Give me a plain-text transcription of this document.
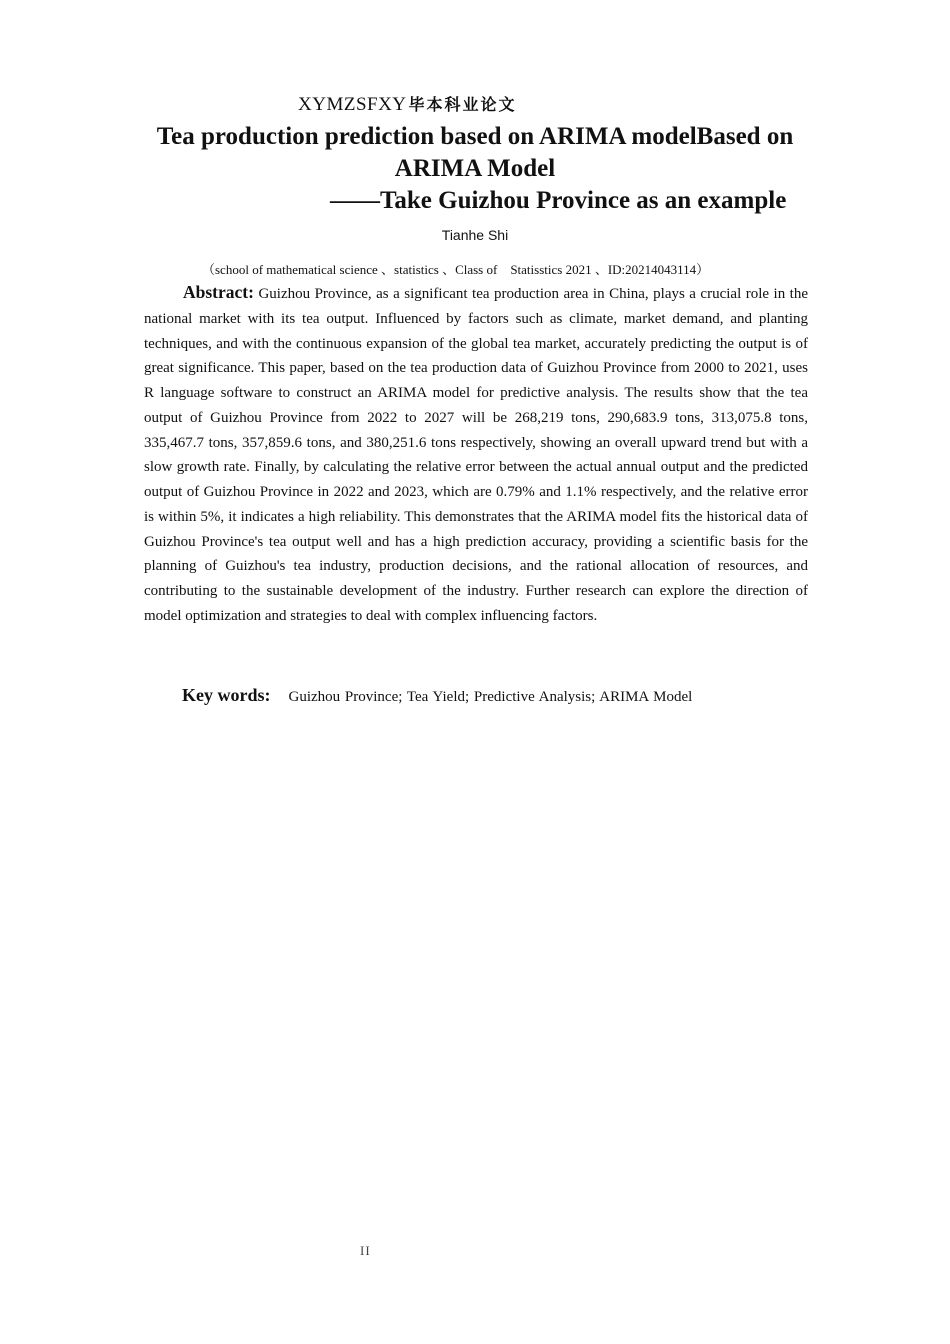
XYMZSFXY 毕本科业论文
Tea production prediction based on ARIMA modelBased on ARIMA Model
——Take Guizhou Province as an example
Tianhe Shi
（school of mathematical science 、statistics 、Class of　Statisstics 2021 、ID:20214043114）

Abstract: Guizhou Province, as a significant tea production area in China, plays a crucial role in the national market with its tea output. Influenced by factors such as climate, market demand, and planting techniques, and with the continuous expansion of the global tea market, accurately predicting the output is of great significance. This paper, based on the tea production data of Guizhou Province from 2000 to 2021, uses R language software to construct an ARIMA model for predictive analysis. The results show that the tea output of Guizhou Province from 2022 to 2027 will be 268,219 tons, 290,683.9 tons, 313,075.8 tons, 335,467.7 tons, 357,859.6 tons, and 380,251.6 tons respectively, showing an overall upward trend but with a slow growth rate. Finally, by calculating the relative error between the actual annual output and the predicted output of Guizhou Province in 2022 and 2023, which are 0.79% and 1.1% respectively, and the relative error is within 5%, it indicates a high reliability. This demonstrates that the ARIMA model fits the historical data of Guizhou Province's tea output well and has a high prediction accuracy, providing a scientific basis for the planning of Guizhou's tea industry, production decisions, and the rational allocation of resources, and contributing to the sustainable development of the industry. Further research can explore the direction of model optimization and strategies to deal with complex influencing factors.

Key words: Guizhou Province; Tea Yield; Predictive Analysis; ARIMA Model
II
